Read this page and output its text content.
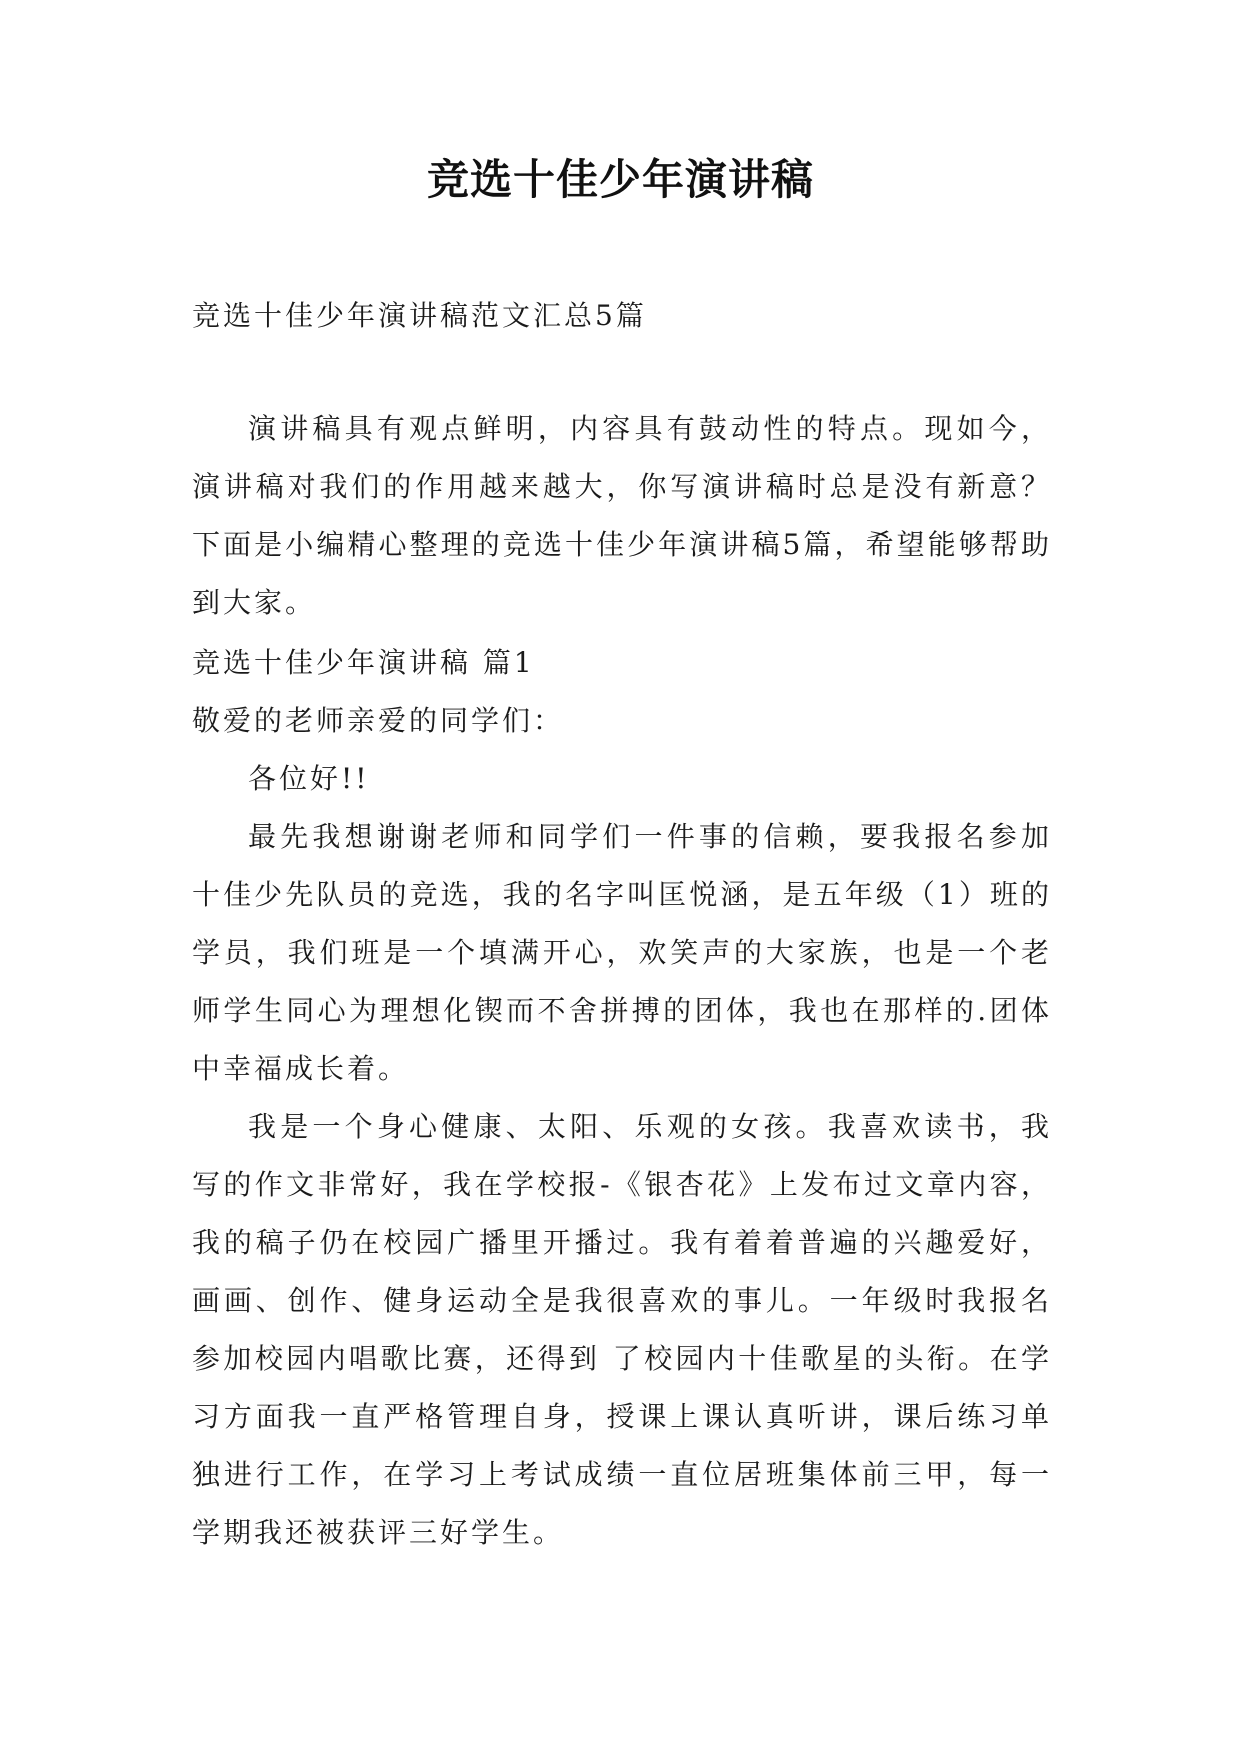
竞选十佳少年演讲稿

竞选十佳少年演讲稿范文汇总5篇

演讲稿具有观点鲜明，内容具有鼓动性的特点。现如今，演讲稿对我们的作用越来越大，你写演讲稿时总是没有新意？下面是小编精心整理的竞选十佳少年演讲稿5篇，希望能够帮助到大家。

竞选十佳少年演讲稿 篇1

敬爱的老师亲爱的同学们：

各位好!!

最先我想谢谢老师和同学们一件事的信赖，要我报名参加十佳少先队员的竞选，我的名字叫匡悦涵，是五年级（1）班的学员，我们班是一个填满开心，欢笑声的大家族，也是一个老师学生同心为理想化锲而不舍拼搏的团体，我也在那样的.团体中幸福成长着。

我是一个身心健康、太阳、乐观的女孩。我喜欢读书，我写的作文非常好，我在学校报-《银杏花》上发布过文章内容，我的稿子仍在校园广播里开播过。我有着着普遍的兴趣爱好，画画、创作、健身运动全是我很喜欢的事儿。一年级时我报名参加校园内唱歌比赛，还得到 了校园内十佳歌星的头衔。在学习方面我一直严格管理自身，授课上课认真听讲，课后练习单独进行工作，在学习上考试成绩一直位居班集体前三甲，每一学期我还被获评三好学生。
